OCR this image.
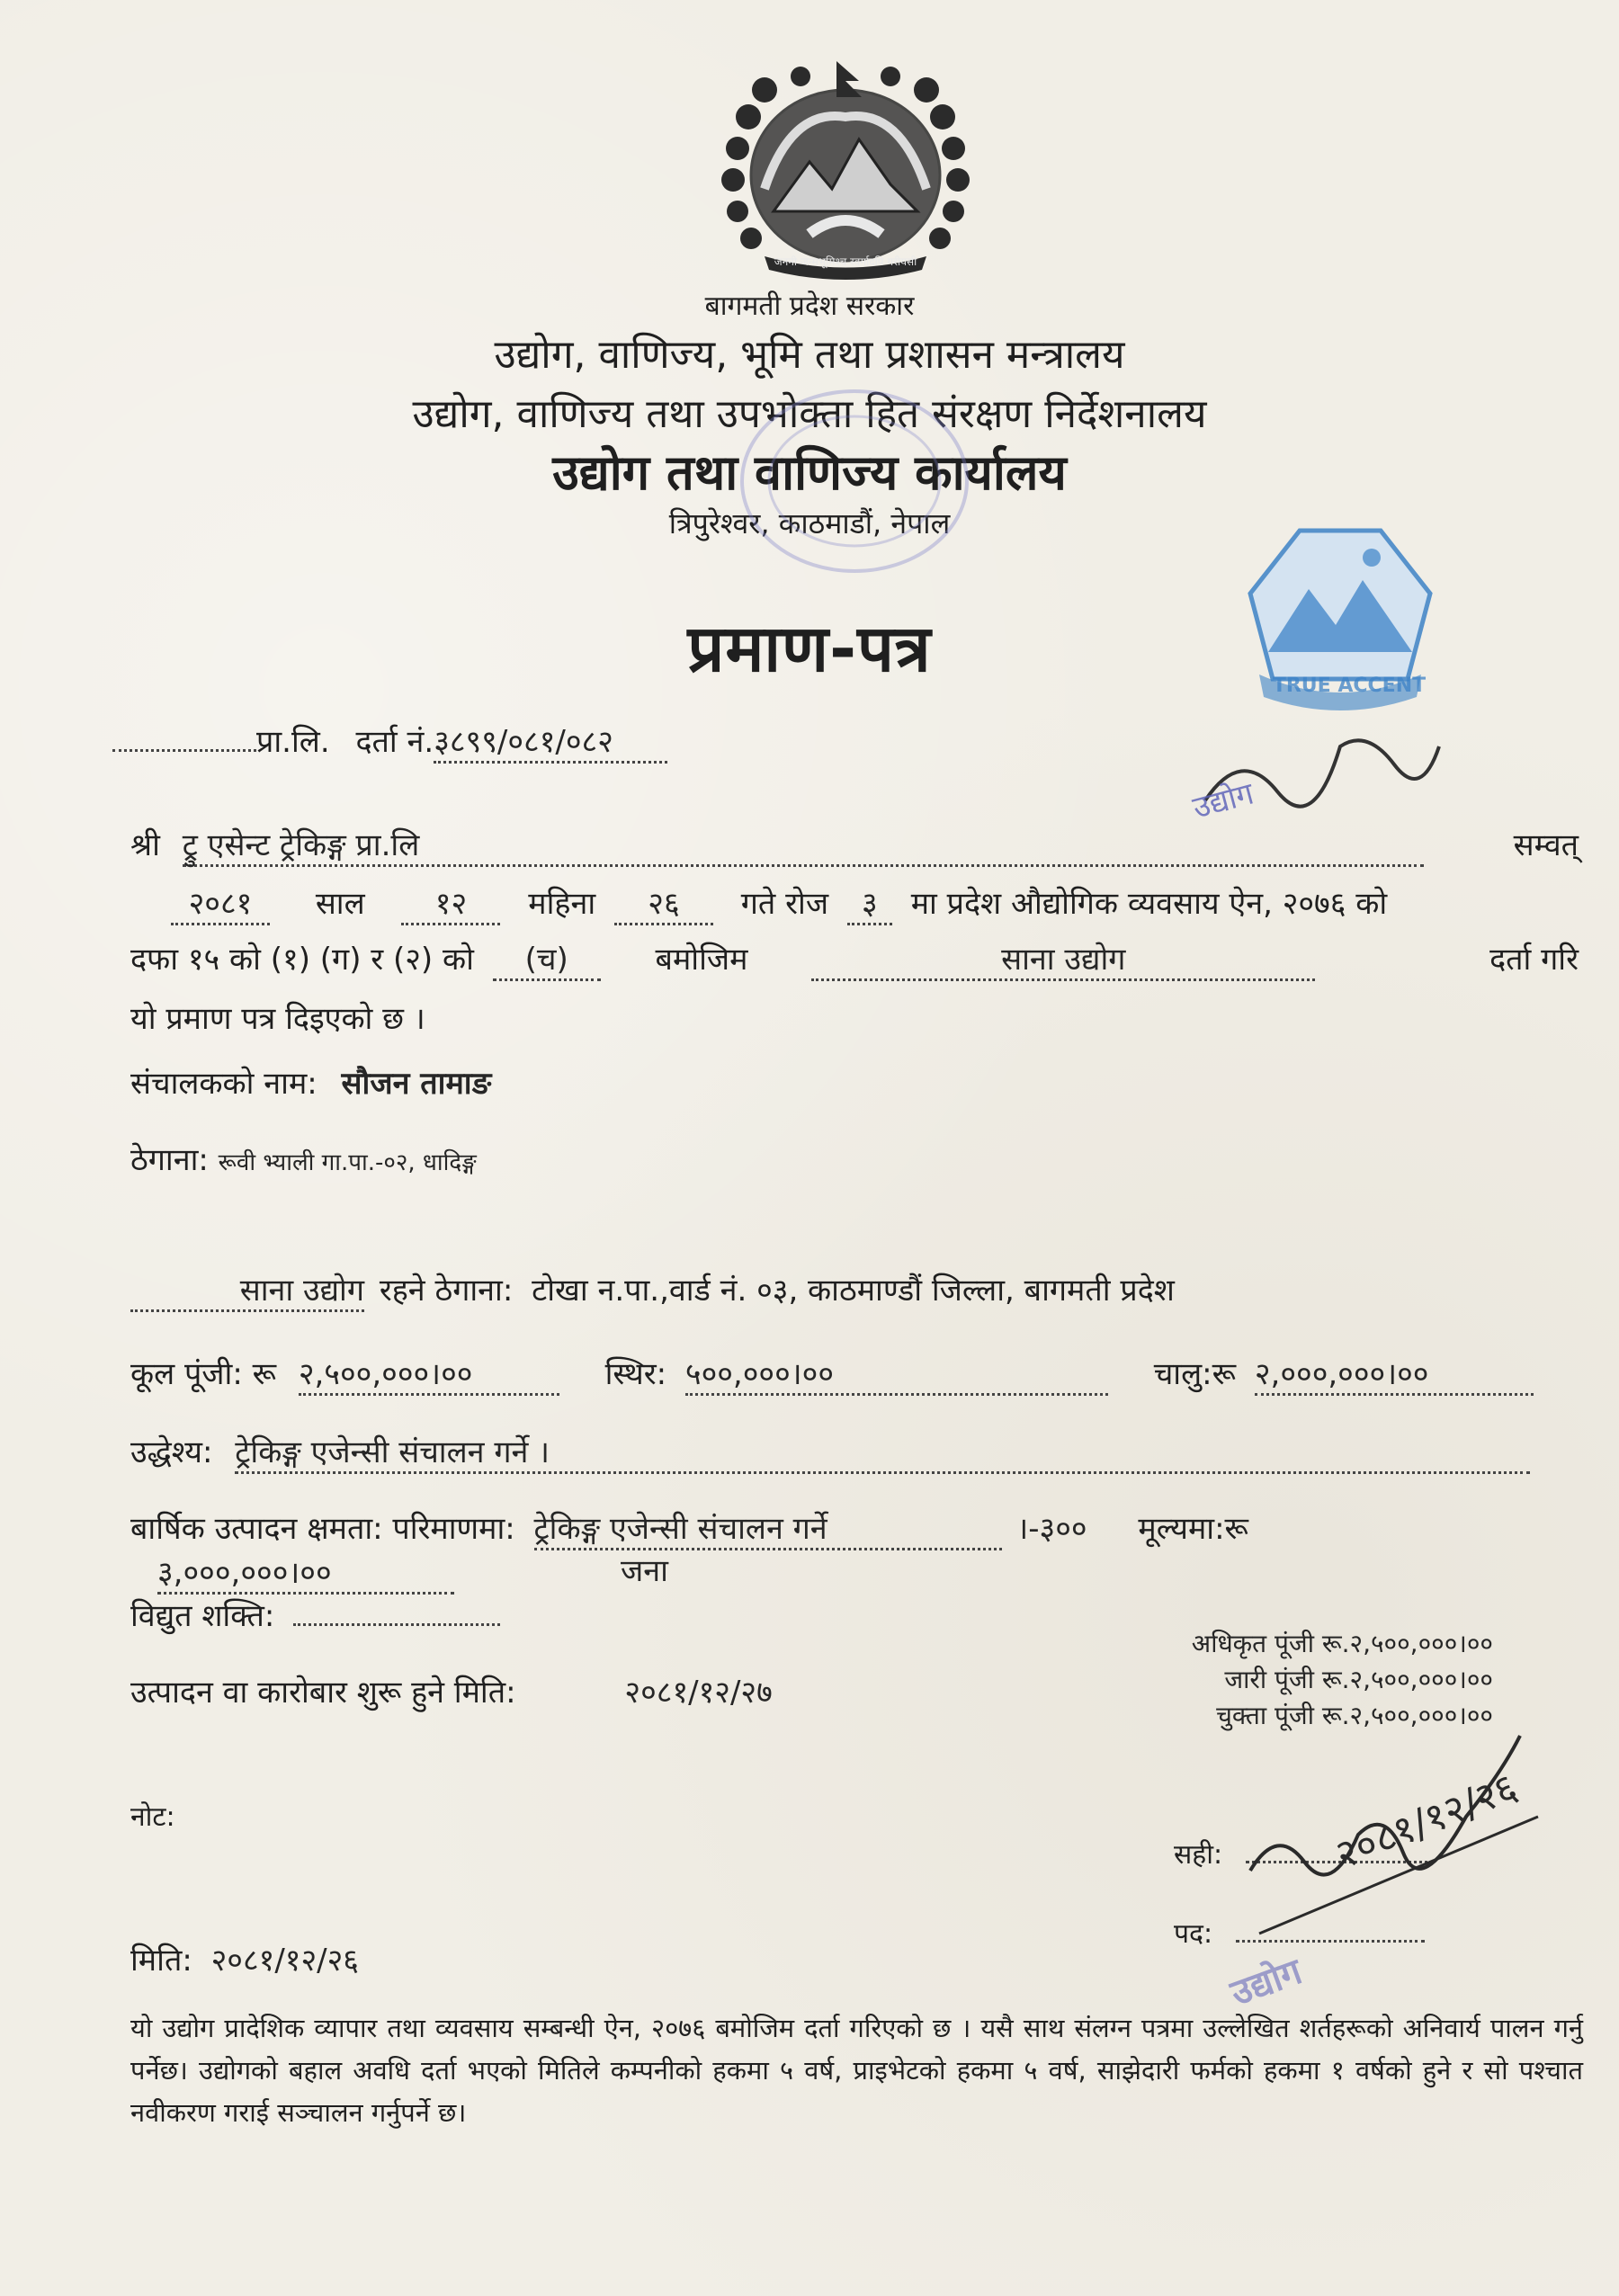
जननी जन्मभूमिश्च स्वर्गादपि गरीयसी
बागमती प्रदेश सरकार
उद्योग, वाणिज्य, भूमि तथा प्रशासन मन्त्रालय
उद्योग, वाणिज्य तथा उपभोक्ता हित संरक्षण निर्देशनालय
उद्योग तथा वाणिज्य कार्यालय
त्रिपुरेश्वर, काठमाडौं, नेपाल
TRUE ACCENT
प्रमाण-पत्र
प्रा.लि. दर्ता नं.३८९९/०८१/०८२
उद्योग
श्री ट्रु एसेन्ट ट्रेकिङ्ग प्रा.लि	सम्वत्
२०८१ साल १२ महिना २६ गते रोज ३ मा प्रदेश औद्योगिक व्यवसाय ऐन, २०७६ को
दफा १५ को (१) (ग) र (२) को (च)	बमोजिम	साना उद्योग	दर्ता गरि
यो प्रमाण पत्र दिइएको छ ।
संचालकको नाम: सौजन तामाङ
ठेगाना: रूवी भ्याली गा.पा.-०२, धादिङ्ग
साना उद्योग रहने ठेगाना: टोखा न.पा.,वार्ड नं. ०३, काठमाण्डौं जिल्ला, बागमती प्रदेश
कूल पूंजी: रू २,५००,०००।००	स्थिर: ५००,०००।००	चालु:रू २,०००,०००।००
उद्धेश्य: ट्रेकिङ्ग एजेन्सी संचालन गर्ने ।
बार्षिक उत्पादन क्षमता: परिमाणमा: ट्रेकिङ्ग एजेन्सी संचालन गर्ने	।-३०० मूल्यमा:रू ३,०००,०००।००	जना
विद्युत शक्ति:
अधिकृत पूंजी रू.२,५००,०००।००
जारी पूंजी रू.२,५००,०००।००
चुक्ता पूंजी रू.२,५००,०००।००
उत्पादन वा कारोबार शुरू हुने मिति:	२०८१/१२/२७
नोट:
सही:
पद:
२०८१/१२/२६
उद्योग
मिति: २०८१/१२/२६
यो उद्योग प्रादेशिक व्यापार तथा व्यवसाय सम्बन्धी ऐन, २०७६ बमोजिम दर्ता गरिएको छ । यसै साथ संलग्न पत्रमा उल्लेखित शर्तहरूको अनिवार्य पालन गर्नु पर्नेछ। उद्योगको बहाल अवधि दर्ता भएको मितिले कम्पनीको हकमा ५ वर्ष, प्राइभेटको हकमा ५ वर्ष, साझेदारी फर्मको हकमा १ वर्षको हुने र सो पश्चात नवीकरण गराई सञ्चालन गर्नुपर्ने छ।
